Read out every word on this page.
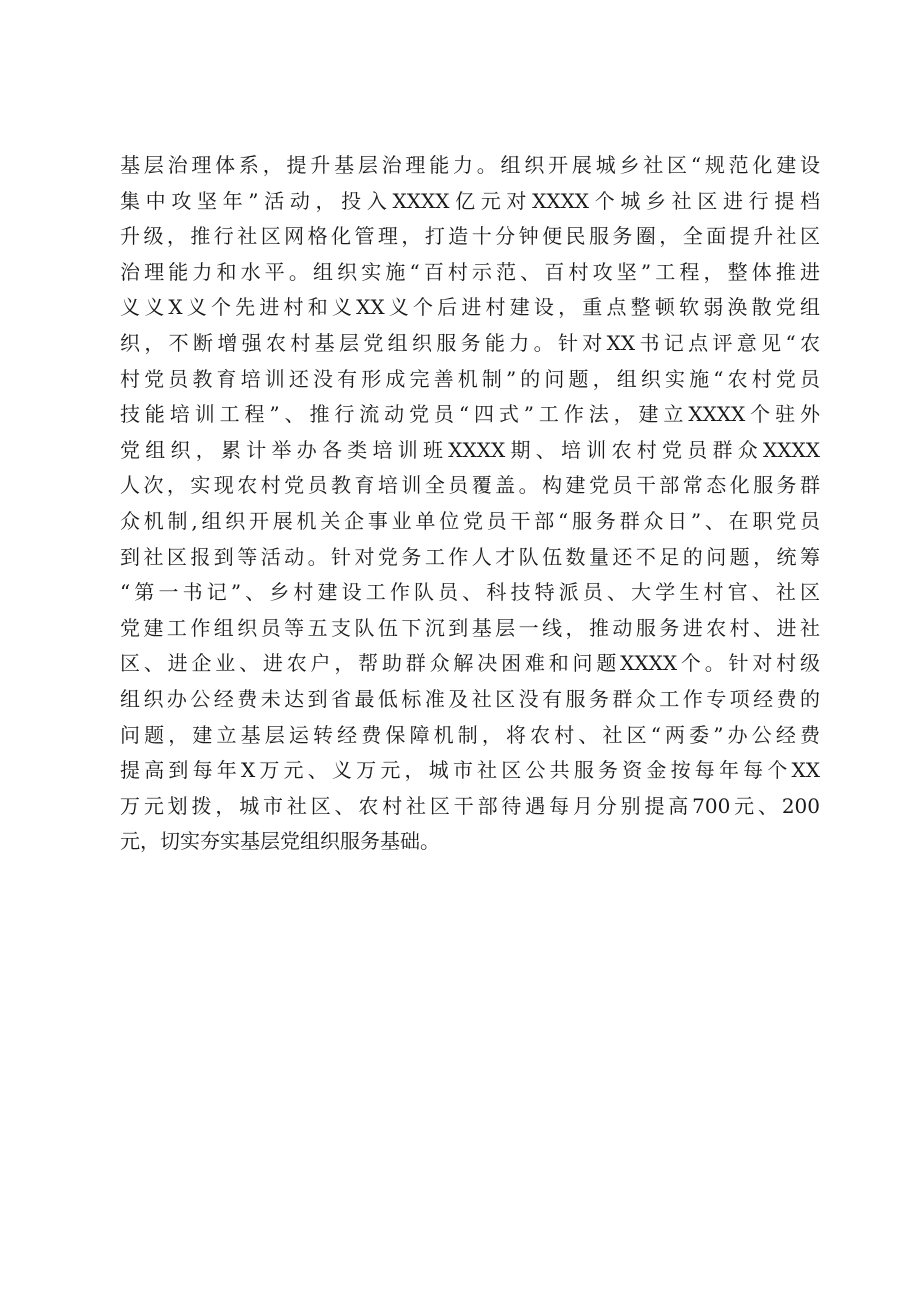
基层治理体系，提升基层治理能力。组织开展城乡社区“规范化建设
集中攻坚年”活动，投入XXXX亿元对XXXX个城乡社区进行提档
升级，推行社区网格化管理，打造十分钟便民服务圈，全面提升社区
治理能力和水平。组织实施“百村示范、百村攻坚”工程，整体推进
义义X义个先进村和义XX义个后进村建设，重点整顿软弱涣散党组
织，不断增强农村基层党组织服务能力。针对XX书记点评意见“农
村党员教育培训还没有形成完善机制”的问题，组织实施“农村党员
技能培训工程”、推行流动党员“四式”工作法，建立XXXX个驻外
党组织，累计举办各类培训班XXXX期、培训农村党员群众XXXX
人次，实现农村党员教育培训全员覆盖。构建党员干部常态化服务群
众机制,组织开展机关企事业单位党员干部“服务群众日”、在职党员
到社区报到等活动。针对党务工作人才队伍数量还不足的问题，统筹
“第一书记”、乡村建设工作队员、科技特派员、大学生村官、社区
党建工作组织员等五支队伍下沉到基层一线，推动服务进农村、进社
区、进企业、进农户，帮助群众解决困难和问题XXXX个。针对村级
组织办公经费未达到省最低标准及社区没有服务群众工作专项经费的
问题，建立基层运转经费保障机制，将农村、社区“两委”办公经费
提高到每年X万元、义万元，城市社区公共服务资金按每年每个XX
万元划拨，城市社区、农村社区干部待遇每月分别提高700元、200
元，切实夯实基层党组织服务基础。
